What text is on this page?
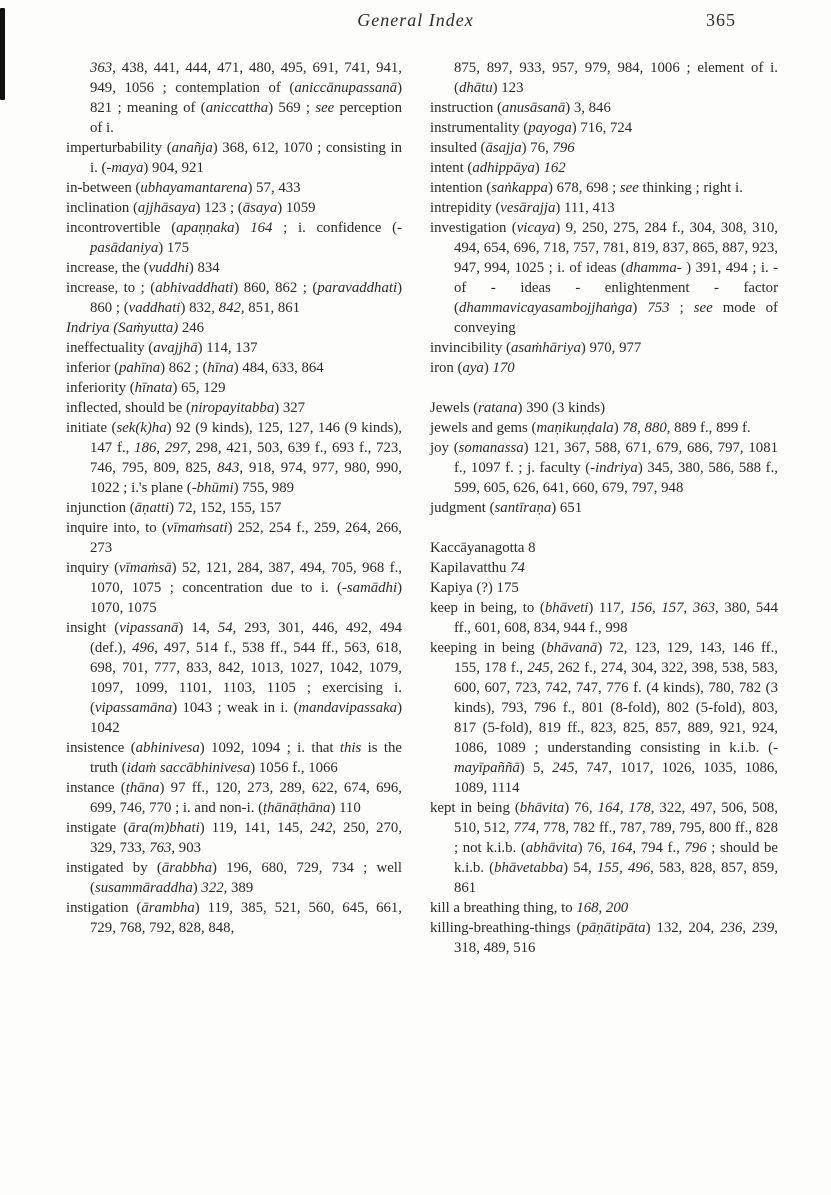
General Index	365
363, 438, 441, 444, 471, 480, 495, 691, 741, 941, 949, 1056 ; contemplation of (aniccānupassanā) 821 ; meaning of (aniccattha) 569 ; see perception of i.
imperturbability (anañja) 368, 612, 1070 ; consisting in i. (-maya) 904, 921
in-between (ubhayamantarena) 57, 433
inclination (ajjhāsaya) 123 ; (āsaya) 1059
incontrovertible (apaṇṇaka) 164 ; i. confidence (-pasādaniya) 175
increase, the (vuddhi) 834
increase, to ; (abhivaddhati) 860, 862 ; (paravaddhati) 860 ; (vaddhati) 832, 842, 851, 861
Indriya (Saṁyutta) 246
ineffectuality (avajjhā) 114, 137
inferior (pahīna) 862 ; (hīna) 484, 633, 864
inferiority (hīnata) 65, 129
inflected, should be (niropayitabba) 327
initiate (sek(k)ha) 92 (9 kinds), 125, 127, 146 (9 kinds), 147 f., 186, 297, 298, 421, 503, 639 f., 693 f., 723, 746, 795, 809, 825, 843, 918, 974, 977, 980, 990, 1022 ; i.'s plane (-bhūmi) 755, 989
injunction (āṇatti) 72, 152, 155, 157
inquire into, to (vīmaṁsati) 252, 254 f., 259, 264, 266, 273
inquiry (vīmaṁsā) 52, 121, 284, 387, 494, 705, 968 f., 1070, 1075 ; concentration due to i. (-samādhi) 1070, 1075
insight (vipassanā) 14, 54, 293, 301, 446, 492, 494 (def.), 496, 497, 514 f., 538 ff., 544 ff., 563, 618, 698, 701, 777, 833, 842, 1013, 1027, 1042, 1079, 1097, 1099, 1101, 1103, 1105 ; exercising i. (vipassamāna) 1043 ; weak in i. (mandavipassaka) 1042
insistence (abhinivesa) 1092, 1094 ; i. that this is the truth (idaṁ saccābhinivesa) 1056 f., 1066
instance (ṭhāna) 97 ff., 120, 273, 289, 622, 674, 696, 699, 746, 770 ; i. and non-i. (ṭhānāṭhāna) 110
instigate (āra(m)bhati) 119, 141, 145, 242, 250, 270, 329, 733, 763, 903
instigated by (ārabbha) 196, 680, 729, 734 ; well (susammāraddha) 322, 389
instigation (ārambha) 119, 385, 521, 560, 645, 661, 729, 768, 792, 828, 848,
875, 897, 933, 957, 979, 984, 1006 ; element of i. (dhātu) 123
instruction (anusāsanā) 3, 846
instrumentality (payoga) 716, 724
insulted (āsajja) 76, 796
intent (adhippāya) 162
intention (saṅkappa) 678, 698 ; see thinking ; right i.
intrepidity (vesārajja) 111, 413
investigation (vicaya) 9, 250, 275, 284 f., 304, 308, 310, 494, 654, 696, 718, 757, 781, 819, 837, 865, 887, 923, 947, 994, 1025 ; i. of ideas (dhamma- ) 391, 494 ; i. - of - ideas - enlightenment - factor (dhammavicayasambojjhaṅga) 753 ; see mode of conveying
invincibility (asaṁhāriya) 970, 977
iron (aya) 170
Jewels (ratana) 390 (3 kinds)
jewels and gems (maṇikuṇḍala) 78, 880, 889 f., 899 f.
joy (somanassa) 121, 367, 588, 671, 679, 686, 797, 1081 f., 1097 f. ; j. faculty (-indriya) 345, 380, 586, 588 f., 599, 605, 626, 641, 660, 679, 797, 948
judgment (santīraṇa) 651
Kaccāyanagotta 8
Kapilavatthu 74
Kapiya (?) 175
keep in being, to (bhāveti) 117, 156, 157, 363, 380, 544 ff., 601, 608, 834, 944 f., 998
keeping in being (bhāvanā) 72, 123, 129, 143, 146 ff., 155, 178 f., 245, 262 f., 274, 304, 322, 398, 538, 583, 600, 607, 723, 742, 747, 776 f. (4 kinds), 780, 782 (3 kinds), 793, 796 f., 801 (8-fold), 802 (5-fold), 803, 817 (5-fold), 819 ff., 823, 825, 857, 889, 921, 924, 1086, 1089 ; understanding consisting in k.i.b. (-mayīpaññā) 5, 245, 747, 1017, 1026, 1035, 1086, 1089, 1114
kept in being (bhāvita) 76, 164, 178, 322, 497, 506, 508, 510, 512, 774, 778, 782 ff., 787, 789, 795, 800 ff., 828 ; not k.i.b. (abhāvita) 76, 164, 794 f., 796 ; should be k.i.b. (bhāvetabba) 54, 155, 496, 583, 828, 857, 859, 861
kill a breathing thing, to 168, 200
killing-breathing-things (pāṇātipāta) 132, 204, 236, 239, 318, 489, 516
